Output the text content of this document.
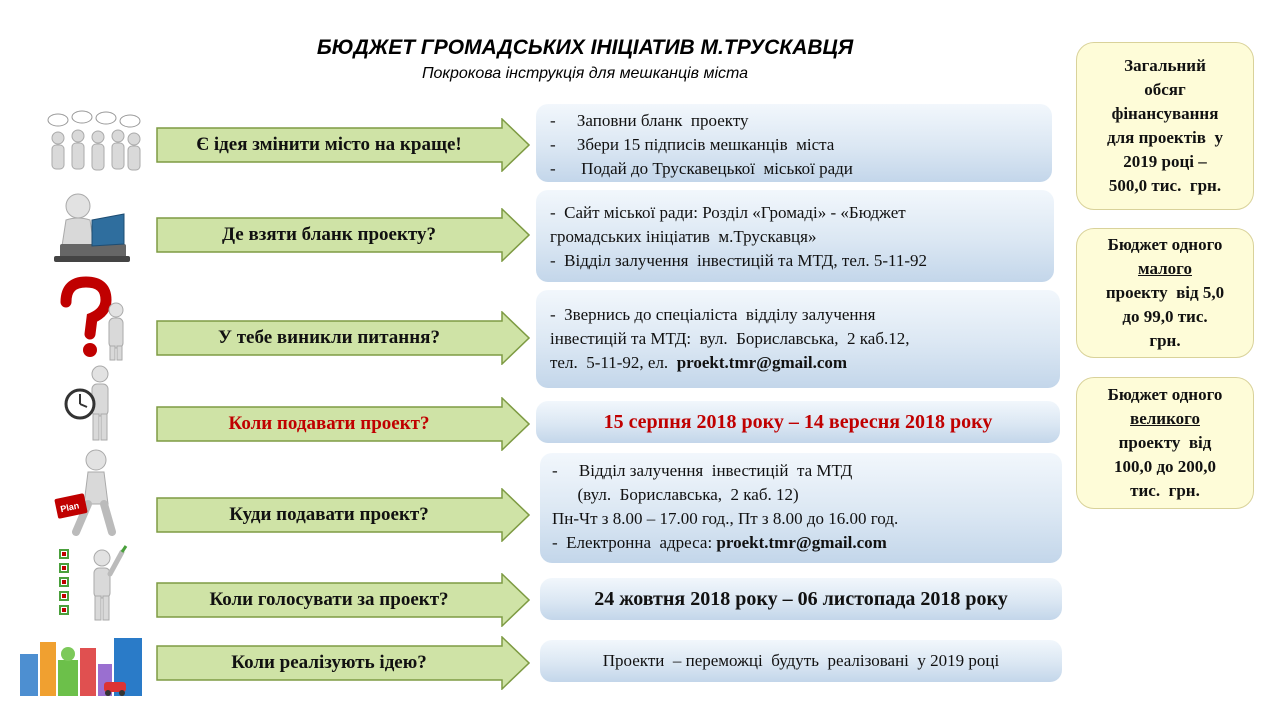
БЮДЖЕТ ГРОМАДСЬКИХ ІНІЦІАТИВ М.ТРУСКАВЦЯ
Покрокова інструкція для мешканців міста
Plan
Є ідея змінити місто на краще!
Де взяти бланк проекту?
У тебе виникли питання?
Коли подавати проект?
Куди подавати проект?
Коли голосувати за проект?
Коли реалізують ідею?
-     Заповни бланк  проекту
-     Збери 15 підписів мешканців  міста
-      Подай до Трускавецької  міської ради
-  Сайт міської ради: Розділ «Громаді» - «Бюджет
громадських ініціатив  м.Трускавця»
-  Відділ залучення  інвестицій та МТД, тел. 5-11-92
-  Звернись до спеціаліста  відділу залучення
інвестицій та МТД:  вул.  Бориславська,  2 каб.12,
тел.  5-11-92, ел.  proekt.tmr@gmail.com
15 серпня 2018 року – 14 вересня 2018 року
-     Відділ залучення  інвестицій  та МТД
(вул.  Бориславська,  2 каб. 12)
Пн-Чт з 8.00 – 17.00 год., Пт з 8.00 до 16.00 год.
-  Електронна  адреса: proekt.tmr@gmail.com
24 жовтня 2018 року – 06 листопада 2018 року
Проекти  – переможці  будуть  реалізовані  у 2019 році
Загальний
обсяг
фінансування
для проектів  у
2019 році –
500,0 тис.  грн.
Бюджет одного
малого
проекту  від 5,0
до 99,0 тис.
грн.
Бюджет одного
великого
проекту  від
100,0 до 200,0
тис.  грн.
